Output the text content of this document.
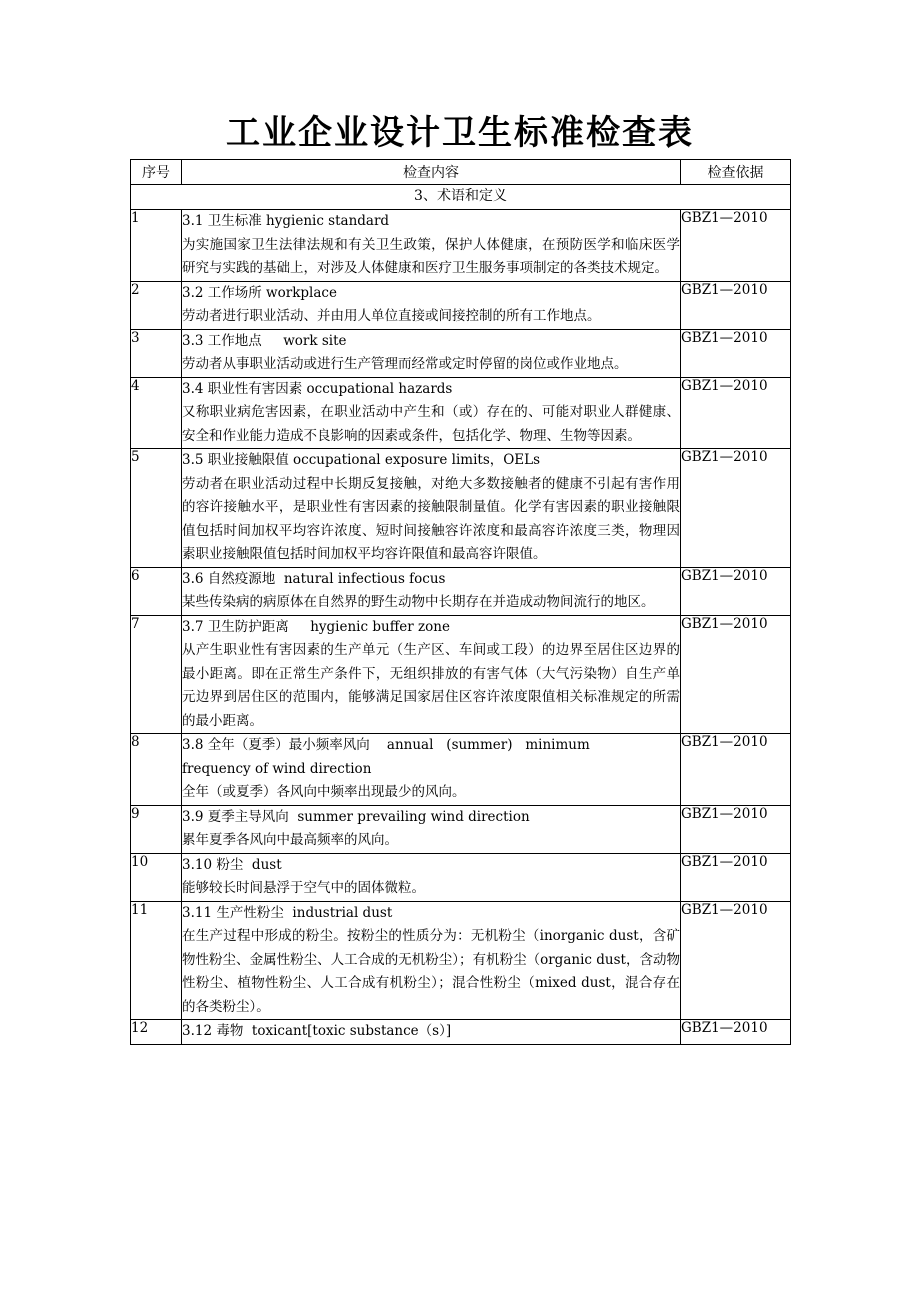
工业企业设计卫生标准检查表
序号	检查内容	检查依据
3、术语和定义		
1	3.1 卫生标准 hygienic standard
为实施国家卫生法律法规和有关卫生政策，保护人体健康，在预防医学和临床医学研究与实践的基础上，对涉及人体健康和医疗卫生服务事项制定的各类技术规定。	GBZ1—2010
2	3.2 工作场所 workplace
劳动者进行职业活动、并由用人单位直接或间接控制的所有工作地点。	GBZ1—2010
3	3.3 工作地点     work site
劳动者从事职业活动或进行生产管理而经常或定时停留的岗位或作业地点。	GBZ1—2010
4	3.4 职业性有害因素 occupational hazards
又称职业病危害因素，在职业活动中产生和（或）存在的、可能对职业人群健康、安全和作业能力造成不良影响的因素或条件，包括化学、物理、生物等因素。	GBZ1—2010
5	3.5 职业接触限值 occupational exposure limits，OELs
劳动者在职业活动过程中长期反复接触，对绝大多数接触者的健康不引起有害作用的容许接触水平，是职业性有害因素的接触限制量值。化学有害因素的职业接触限值包括时间加权平均容许浓度、短时间接触容许浓度和最高容许浓度三类，物理因素职业接触限值包括时间加权平均容许限值和最高容许限值。	GBZ1—2010
6	3.6 自然疫源地  natural infectious focus
某些传染病的病原体在自然界的野生动物中长期存在并造成动物间流行的地区。	GBZ1—2010
7	3.7 卫生防护距离     hygienic buffer zone
从产生职业性有害因素的生产单元（生产区、车间或工段）的边界至居住区边界的最小距离。即在正常生产条件下，无组织排放的有害气体（大气污染物）自生产单元边界到居住区的范围内，能够满足国家居住区容许浓度限值相关标准规定的所需的最小距离。	GBZ1—2010
8	3.8 全年（夏季）最小频率风向    annual   (summer)   minimum
frequency of wind direction
全年（或夏季）各风向中频率出现最少的风向。	GBZ1—2010
9	3.9 夏季主导风向  summer prevailing wind direction
累年夏季各风向中最高频率的风向。	GBZ1—2010
10	3.10 粉尘  dust
能够较长时间悬浮于空气中的固体微粒。	GBZ1—2010
11	3.11 生产性粉尘  industrial dust
在生产过程中形成的粉尘。按粉尘的性质分为：无机粉尘（inorganic dust，含矿物性粉尘、金属性粉尘、人工合成的无机粉尘）；有机粉尘（organic dust，含动物性粉尘、植物性粉尘、人工合成有机粉尘）；混合性粉尘（mixed dust，混合存在的各类粉尘）。	GBZ1—2010
12	3.12 毒物  toxicant[toxic substance（s）]	GBZ1—2010
